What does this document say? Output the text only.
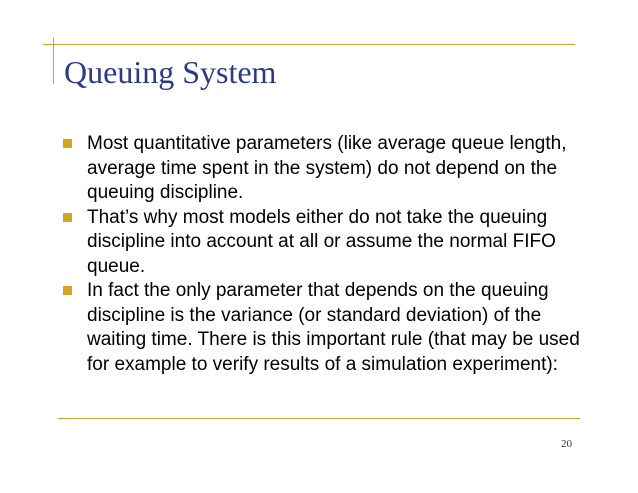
Queuing System
Most quantitative parameters (like average queue length, average time spent in the system) do not depend on the queuing discipline.
That’s why most models either do not take the queuing discipline into account at all or assume the normal FIFO queue.
In fact the only parameter that depends on the queuing discipline is the variance (or standard deviation) of the waiting time. There is this important rule (that may be used for example to verify results of a simulation experiment):
20
